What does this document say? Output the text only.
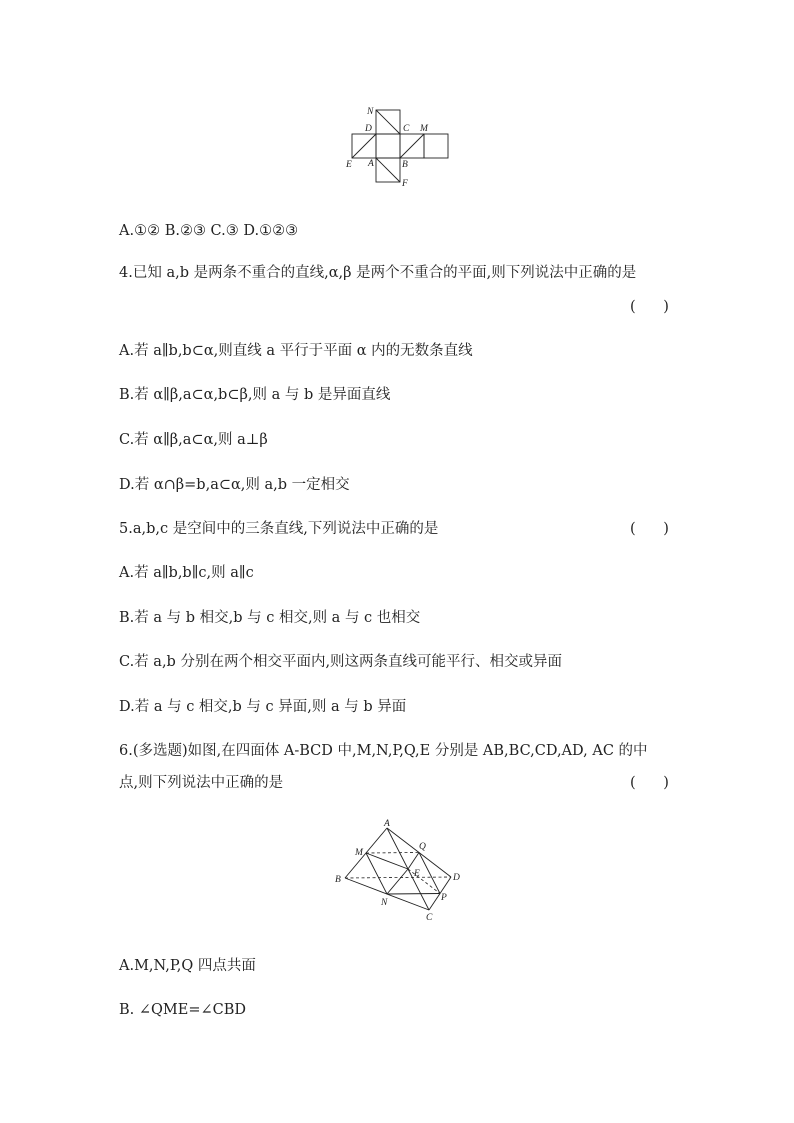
N
D	C M
E A	B
F
A.①② B.②③ C.③ D.①②③
4.已知 a,b 是两条不重合的直线,α,β 是两个不重合的平面,则下列说法中正确的是
(      )
A.若 a∥b,b⊂α,则直线 a 平行于平面 α 内的无数条直线
B.若 α∥β,a⊂α,b⊂β,则 a 与 b 是异面直线
C.若 α∥β,a⊂α,则 a⊥β
D.若 α∩β=b,a⊂α,则 a,b 一定相交
5.a,b,c 是空间中的三条直线,下列说法中正确的是	(      )
A.若 a∥b,b∥c,则 a∥c
B.若 a 与 b 相交,b 与 c 相交,则 a 与 c 也相交
C.若 a,b 分别在两个相交平面内,则这两条直线可能平行、相交或异面
D.若 a 与 c 相交,b 与 c 异面,则 a 与 b 异面
6.(多选题)如图,在四面体 A-BCD 中,M,N,P,Q,E 分别是 AB,BC,CD,AD, AC 的中
点,则下列说法中正确的是	(      )
A
M
Q
B
E	D
N	P
C
A.M,N,P,Q 四点共面
B. ∠QME=∠CBD
